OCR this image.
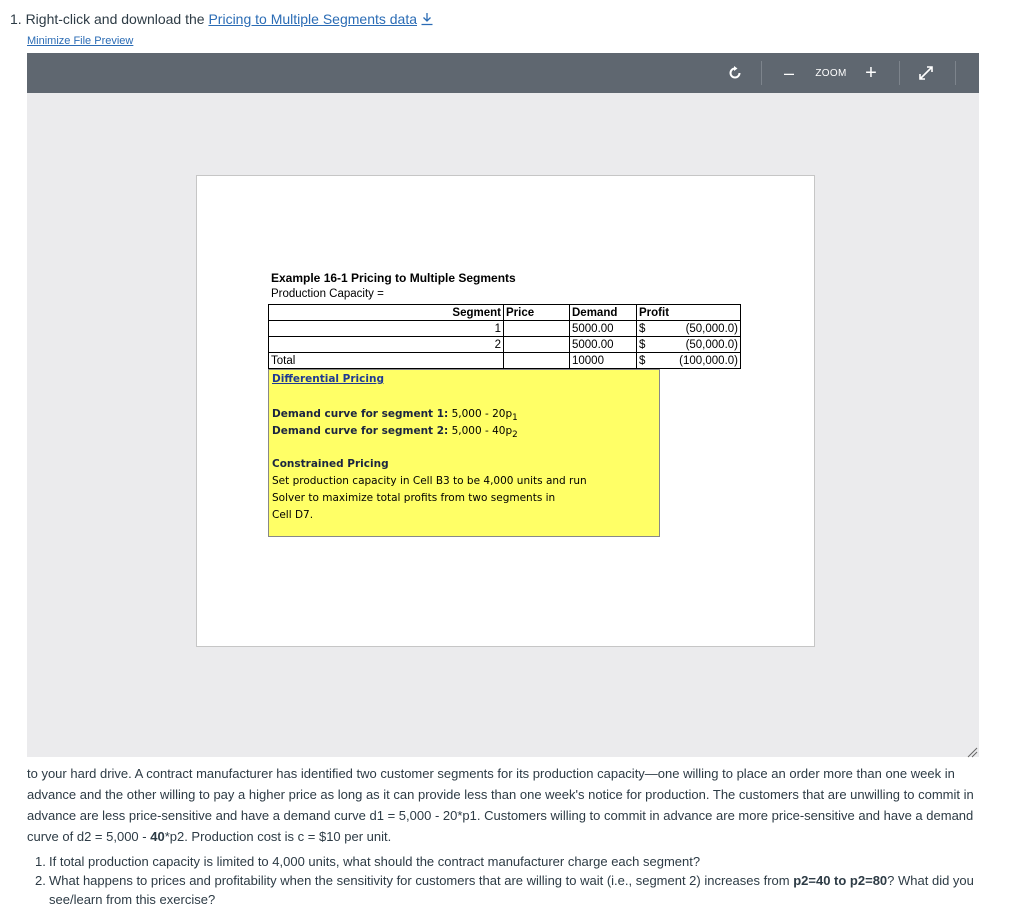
1. Right-click and download the Pricing to Multiple Segments data
Minimize File Preview
–	ZOOM +
Example 16-1 Pricing to Multiple Segments
Production Capacity =
Segment	Price	Demand	Profit
1		5000.00	$ (50,000.0)

2		5000.00	$ (50,000.0)

Total		10000	$ (100,000.0)
Differential Pricing
Demand curve for segment 1: $5,000 - 20p_1$
Demand curve for segment 2: $5,000 - 40p_2$
Constrained Pricing
Set production capacity in Cell B3 to be 4,000 units and run
Solver to maximize total profits from two segments in
Cell D7.

to your hard drive. A contract manufacturer has identified two customer segments for its production capacity—one willing to place an order more than one week in advance and the other willing to pay a higher price as long as it can provide less than one week's notice for production. The customers that are unwilling to commit in advance are less price-sensitive and have a demand curve d1 = 5,000 - 20*p1. Customers willing to commit in advance are more price-sensitive and have a demand curve of d2 = 5,000 - 40*p2. Production cost is c = $10 per unit.

1. If total production capacity is limited to 4,000 units, what should the contract manufacturer charge each segment?
2. What happens to prices and profitability when the sensitivity for customers that are willing to wait (i.e., segment 2) increases from p2=40 to p2=80? What did you see/learn from this exercise?
